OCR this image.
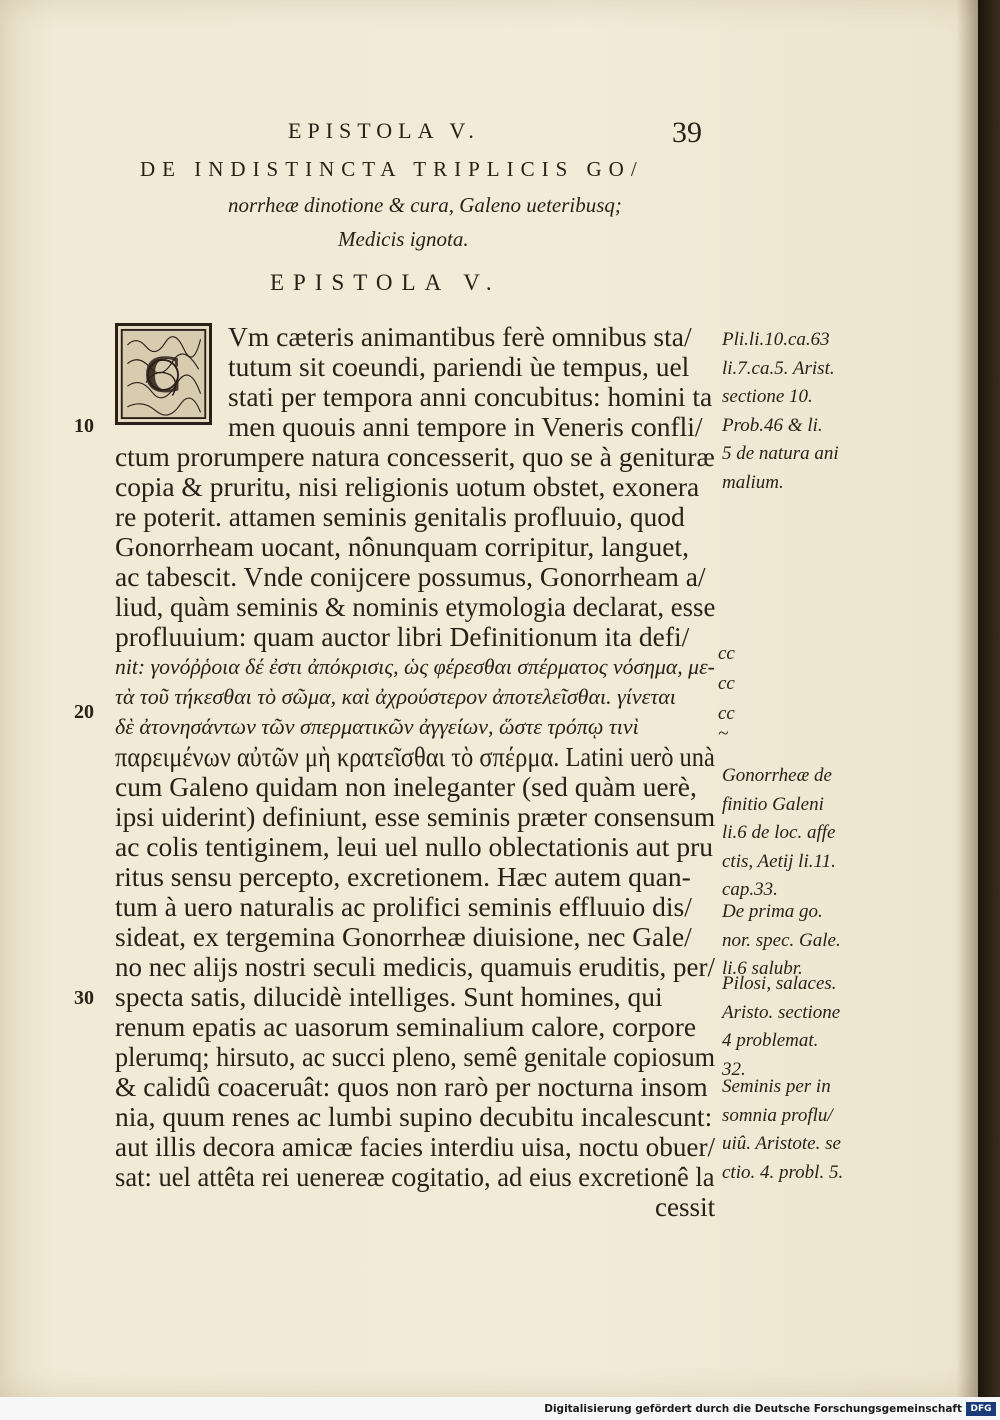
EPISTOLA V.	39
DE INDISTINCTA TRIPLICIS GO/
norrheæ dinotione & cura, Galeno ueteribusq;
Medicis ignota.
EPISTOLA V.
C
Vm cæteris animantibus ferè omnibus sta/
tutum sit coeundi, pariendi ùe tempus, uel
stati per tempora anni concubitus: homini ta
men quouis anni tempore in Veneris confli/
ctum prorumpere natura concesserit, quo se à genituræ
copia & pruritu, nisi religionis uotum obstet, exonera
re poterit. attamen seminis genitalis profluuio, quod
Gonorrheam uocant, nônunquam corripitur, languet,
ac tabescit. Vnde conijcere possumus, Gonorrheam a/
liud, quàm seminis & nominis etymologia declarat, esse
profluuium: quam auctor libri Definitionum ita defi/
nit: γονόῤῥοια δέ ἐστι ἀπόκρισις, ὡς φέρεσθαι σπέρματος νόσημα, με-
τὰ τοῦ τήκεσθαι τὸ σῶμα, καὶ ἀχρούστερον ἀποτελεῖσθαι. γίνεται
δὲ ἀτονησάντων τῶν σπερματικῶν ἀγγείων, ὥστε τρόπῳ τινὶ
παρειμένων αὐτῶν μὴ κρατεῖσθαι τὸ σπέρμα. Latini uerò unà
cum Galeno quidam non ineleganter (sed quàm uerè,
ipsi uiderint) definiunt, esse seminis præter consensum
ac colis tentiginem, leui uel nullo oblectationis aut pru
ritus sensu percepto, excretionem. Hæc autem quan-
tum à uero naturalis ac prolifici seminis effluuio dis/
sideat, ex tergemina Gonorrheæ diuisione, nec Gale/
no nec alijs nostri seculi medicis, quamuis eruditis, per/
specta satis, dilucidè intelliges. Sunt homines, qui
renum epatis ac uasorum seminalium calore, corpore
plerumq; hirsuto, ac succi pleno, semê genitale copiosum
& calidû coaceruât: quos non rarò per nocturna insom
nia, quum renes ac lumbi supino decubitu incalescunt:
aut illis decora amicæ facies interdiu uisa, noctu obuer/
sat: uel attêta rei uenereæ cogitatio, ad eius excretionê la
cessit
10
20
30
Pli.li.10.ca.63
li.7.ca.5. Arist.
sectione 10.
Prob.46 & li.
5 de natura ani
malium.
Gonorrheæ de
finitio Galeni
li.6 de loc. affe
ctis, Aetij li.11.
cap.33.
De prima go.
nor. spec. Gale.
li.6 salubr.
Pilosi, salaces.
Aristo. sectione
4 problemat.
32.
Seminis per in
somnia proflu/
uiû. Aristote. se
ctio. 4. probl. 5.
cc
cc
cc
~
Digitalisierung gefördert durch die Deutsche Forschungsgemeinschaft DFG
